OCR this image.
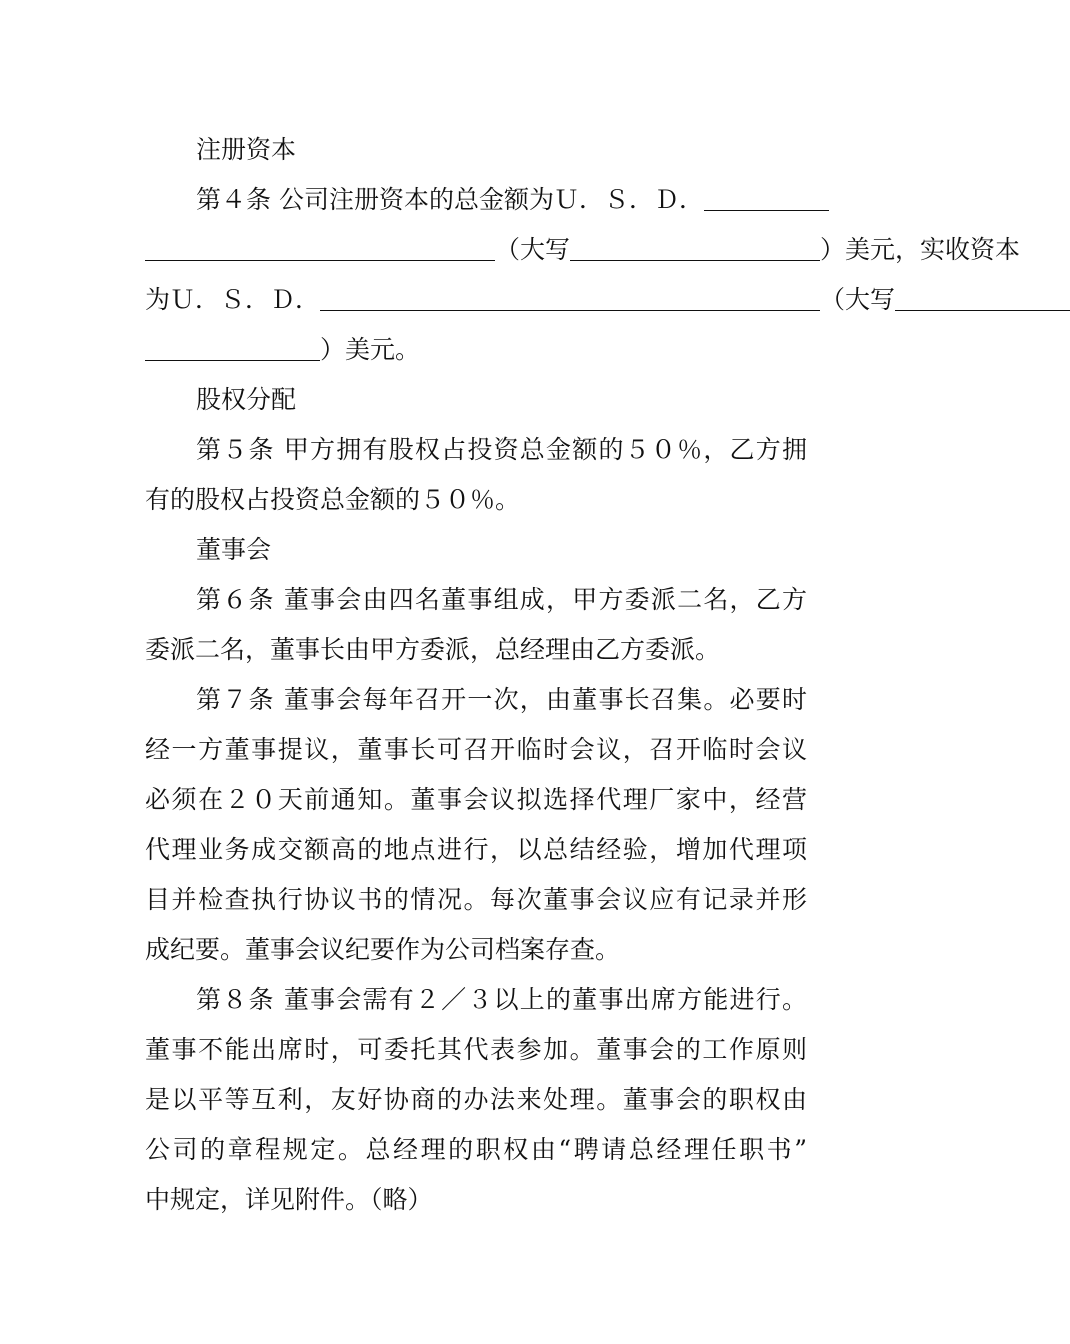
注册资本
第４条 公司注册资本的总金额为Ｕ．Ｓ．Ｄ．＿＿＿＿＿
＿＿＿＿＿＿＿＿＿＿＿＿＿＿（大写＿＿＿＿＿＿＿＿＿＿）美元，实收资本
为Ｕ．Ｓ．Ｄ．＿＿＿＿＿＿＿＿＿＿＿＿＿＿＿＿＿＿＿＿（大写＿＿＿＿＿＿＿
＿＿＿＿＿＿＿）美元。
股权分配
第５条 甲方拥有股权占投资总金额的５０％，乙方拥
有的股权占投资总金额的５０％。
董事会
第６条 董事会由四名董事组成，甲方委派二名，乙方
委派二名，董事长由甲方委派，总经理由乙方委派。
第７条 董事会每年召开一次，由董事长召集。必要时
经一方董事提议，董事长可召开临时会议，召开临时会议
必须在２０天前通知。董事会议拟选择代理厂家中，经营
代理业务成交额高的地点进行，以总结经验，增加代理项
目并检查执行协议书的情况。每次董事会议应有记录并形
成纪要。董事会议纪要作为公司档案存查。
第８条 董事会需有２／３以上的董事出席方能进行。
董事不能出席时，可委托其代表参加。董事会的工作原则
是以平等互利，友好协商的办法来处理。董事会的职权由
公司的章程规定。总经理的职权由“聘请总经理任职书”
中规定，详见附件。（略）
